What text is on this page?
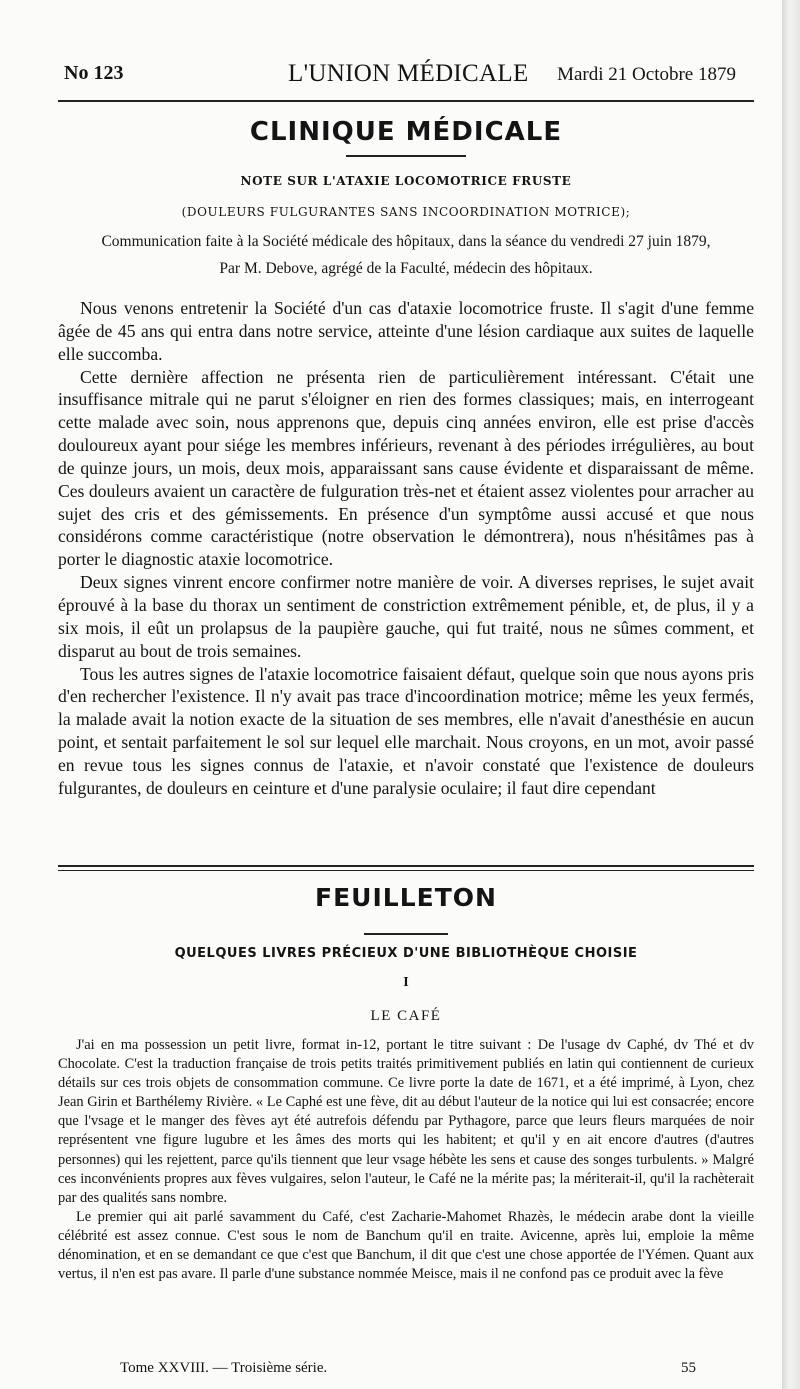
No 123	L'UNION MÉDICALE Mardi 21 Octobre 1879
CLINIQUE MÉDICALE
NOTE SUR L'ATAXIE LOCOMOTRICE FRUSTE
(DOULEURS FULGURANTES SANS INCOORDINATION MOTRICE);
Communication faite à la Société médicale des hôpitaux, dans la séance du vendredi 27 juin 1879,
Par M. Debove, agrégé de la Faculté, médecin des hôpitaux.

Nous venons entretenir la Société d'un cas d'ataxie locomotrice fruste. Il s'agit d'une femme âgée de 45 ans qui entra dans notre service, atteinte d'une lésion cardiaque aux suites de laquelle elle succomba.

Cette dernière affection ne présenta rien de particulièrement intéressant. C'était une insuffisance mitrale qui ne parut s'éloigner en rien des formes classiques; mais, en interrogeant cette malade avec soin, nous apprenons que, depuis cinq années environ, elle est prise d'accès douloureux ayant pour siége les membres inférieurs, revenant à des périodes irrégulières, au bout de quinze jours, un mois, deux mois, apparaissant sans cause évidente et disparaissant de même. Ces douleurs avaient un caractère de fulguration très-net et étaient assez violentes pour arracher au sujet des cris et des gémissements. En présence d'un symptôme aussi accusé et que nous considérons comme caractéristique (notre observation le démontrera), nous n'hésitâmes pas à porter le diagnostic ataxie locomotrice.

Deux signes vinrent encore confirmer notre manière de voir. A diverses reprises, le sujet avait éprouvé à la base du thorax un sentiment de constriction extrêmement pénible, et, de plus, il y a six mois, il eût un prolapsus de la paupière gauche, qui fut traité, nous ne sûmes comment, et disparut au bout de trois semaines.

Tous les autres signes de l'ataxie locomotrice faisaient défaut, quelque soin que nous ayons pris d'en rechercher l'existence. Il n'y avait pas trace d'incoordination motrice; même les yeux fermés, la malade avait la notion exacte de la situation de ses membres, elle n'avait d'anesthésie en aucun point, et sentait parfaitement le sol sur lequel elle marchait. Nous croyons, en un mot, avoir passé en revue tous les signes connus de l'ataxie, et n'avoir constaté que l'existence de douleurs fulgurantes, de douleurs en ceinture et d'une paralysie oculaire; il faut dire cependant

FEUILLETON
QUELQUES LIVRES PRÉCIEUX D'UNE BIBLIOTHÈQUE CHOISIE
I
LE CAFÉ

J'ai en ma possession un petit livre, format in-12, portant le titre suivant : De l'usage dv Caphé, dv Thé et dv Chocolate. C'est la traduction française de trois petits traités primitivement publiés en latin qui contiennent de curieux détails sur ces trois objets de consommation commune. Ce livre porte la date de 1671, et a été imprimé, à Lyon, chez Jean Girin et Barthélemy Rivière. « Le Caphé est une fève, dit au début l'auteur de la notice qui lui est consacrée; encore que l'vsage et le manger des fèves ayt été autrefois défendu par Pythagore, parce que leurs fleurs marquées de noir représentent vne figure lugubre et les âmes des morts qui les habitent; et qu'il y en ait encore d'autres (d'autres personnes) qui les rejettent, parce qu'ils tiennent que leur vsage hébète les sens et cause des songes turbulents. » Malgré ces inconvénients propres aux fèves vulgaires, selon l'auteur, le Café ne la mérite pas; la mériterait-il, qu'il la rachèterait par des qualités sans nombre.

Le premier qui ait parlé savamment du Café, c'est Zacharie-Mahomet Rhazès, le médecin arabe dont la vieille célébrité est assez connue. C'est sous le nom de Banchum qu'il en traite. Avicenne, après lui, emploie la même dénomination, et en se demandant ce que c'est que Banchum, il dit que c'est une chose apportée de l'Yémen. Quant aux vertus, il n'en est pas avare. Il parle d'une substance nommée Meisce, mais il ne confond pas ce produit avec la fève

Tome XXVIII. — Troisième série.	55
